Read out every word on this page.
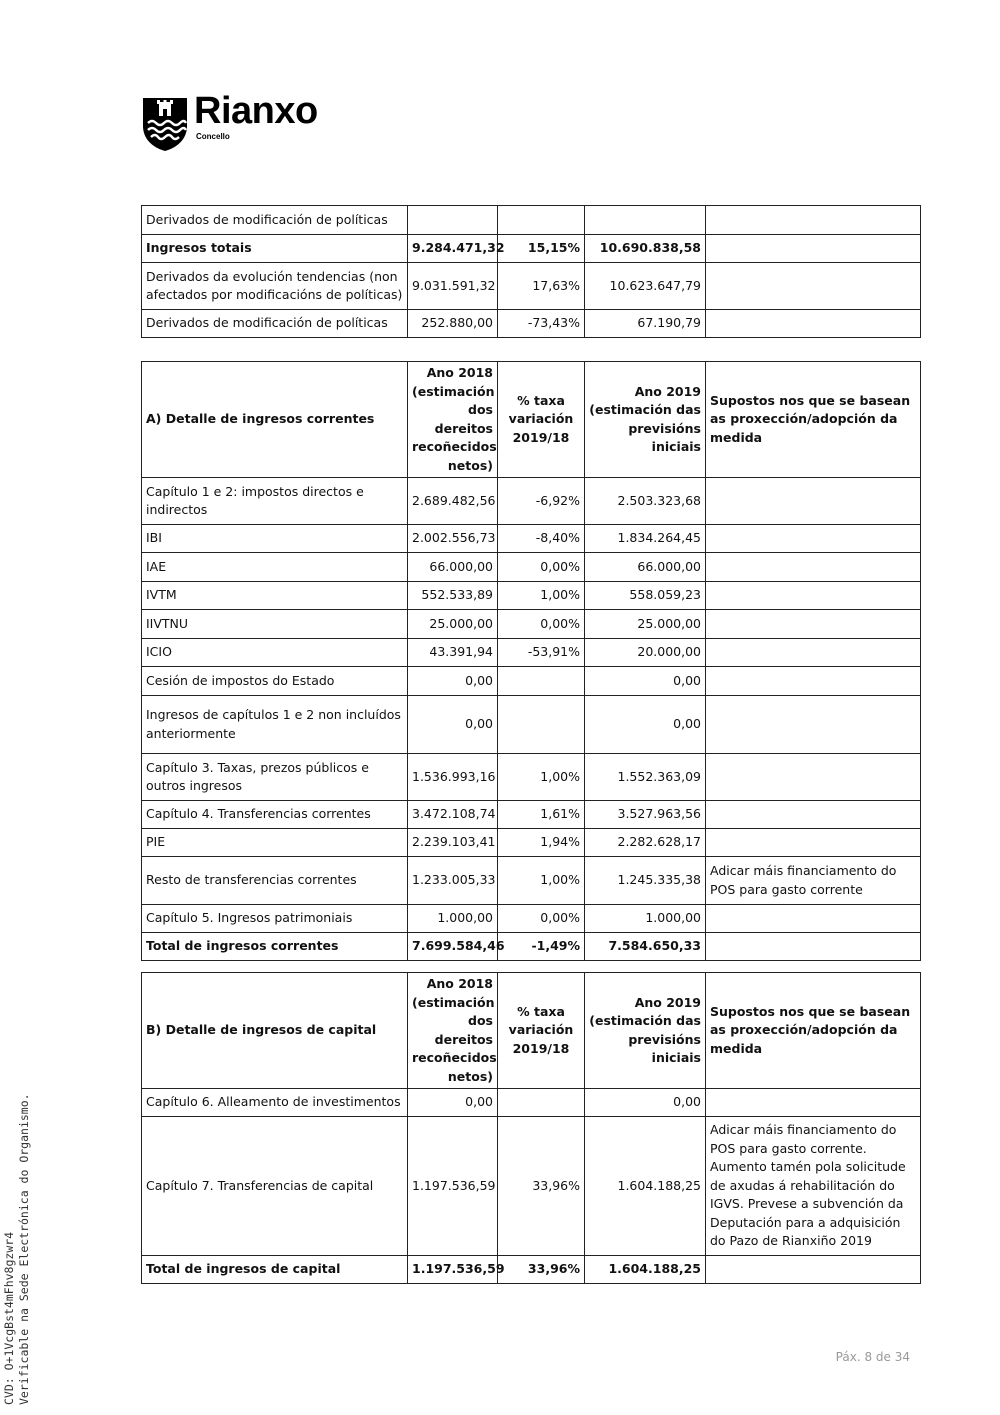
Rianxo
Concello
Derivados de modificación de políticas				
Ingresos totais	9.284.471,32	15,15%	10.690.838,58	
Derivados da evolución tendencias (non afectados por modificacións de políticas)	9.031.591,32	17,63%	10.623.647,79	
Derivados de modificación de políticas	252.880,00	-73,43%	67.190,79	
A) Detalle de ingresos correntes	Ano 2018 (estimación dos dereitos recoñecidos netos)	% taxa variación 2019/18	Ano 2019 (estimación das previsións iniciais	Supostos nos que se basean as proxección/adopción da medida
Capítulo 1 e 2: impostos directos e indirectos	2.689.482,56	-6,92%	2.503.323,68	
IBI	2.002.556,73	-8,40%	1.834.264,45	
IAE	66.000,00	0,00%	66.000,00	
IVTM	552.533,89	1,00%	558.059,23	
IIVTNU	25.000,00	0,00%	25.000,00	
ICIO	43.391,94	-53,91%	20.000,00	
Cesión de impostos do Estado	0,00		0,00	
Ingresos de capítulos 1 e 2 non incluídos anteriormente	0,00		0,00	
Capítulo 3. Taxas, prezos públicos e outros ingresos	1.536.993,16	1,00%	1.552.363,09	
Capítulo 4. Transferencias correntes	3.472.108,74	1,61%	3.527.963,56	
PIE	2.239.103,41	1,94%	2.282.628,17	
Resto de transferencias correntes	1.233.005,33	1,00%	1.245.335,38	Adicar máis financiamento do POS para gasto corrente
Capítulo 5. Ingresos patrimoniais	1.000,00	0,00%	1.000,00	
Total de ingresos correntes	7.699.584,46	-1,49%	7.584.650,33	
B) Detalle de ingresos de capital	Ano 2018 (estimación dos dereitos recoñecidos netos)	% taxa variación 2019/18	Ano 2019 (estimación das previsións iniciais	Supostos nos que se basean as proxección/adopción da medida
Capítulo 6. Alleamento de investimentos	0,00		0,00	
Capítulo 7. Transferencias de capital	1.197.536,59	33,96%	1.604.188,25	Adicar máis financiamento do POS para gasto corrente. Aumento tamén pola solicitude de axudas á rehabilitación do IGVS. Prevese a subvención da Deputación para a adquisición do Pazo de Rianxiño 2019
Total de ingresos de capital	1.197.536,59	33,96%	1.604.188,25	
CVD: O+1VcgBst4mFhv8gzwr4 Verificable na Sede Electrónica do Organismo.	Páx. 8 de 34
